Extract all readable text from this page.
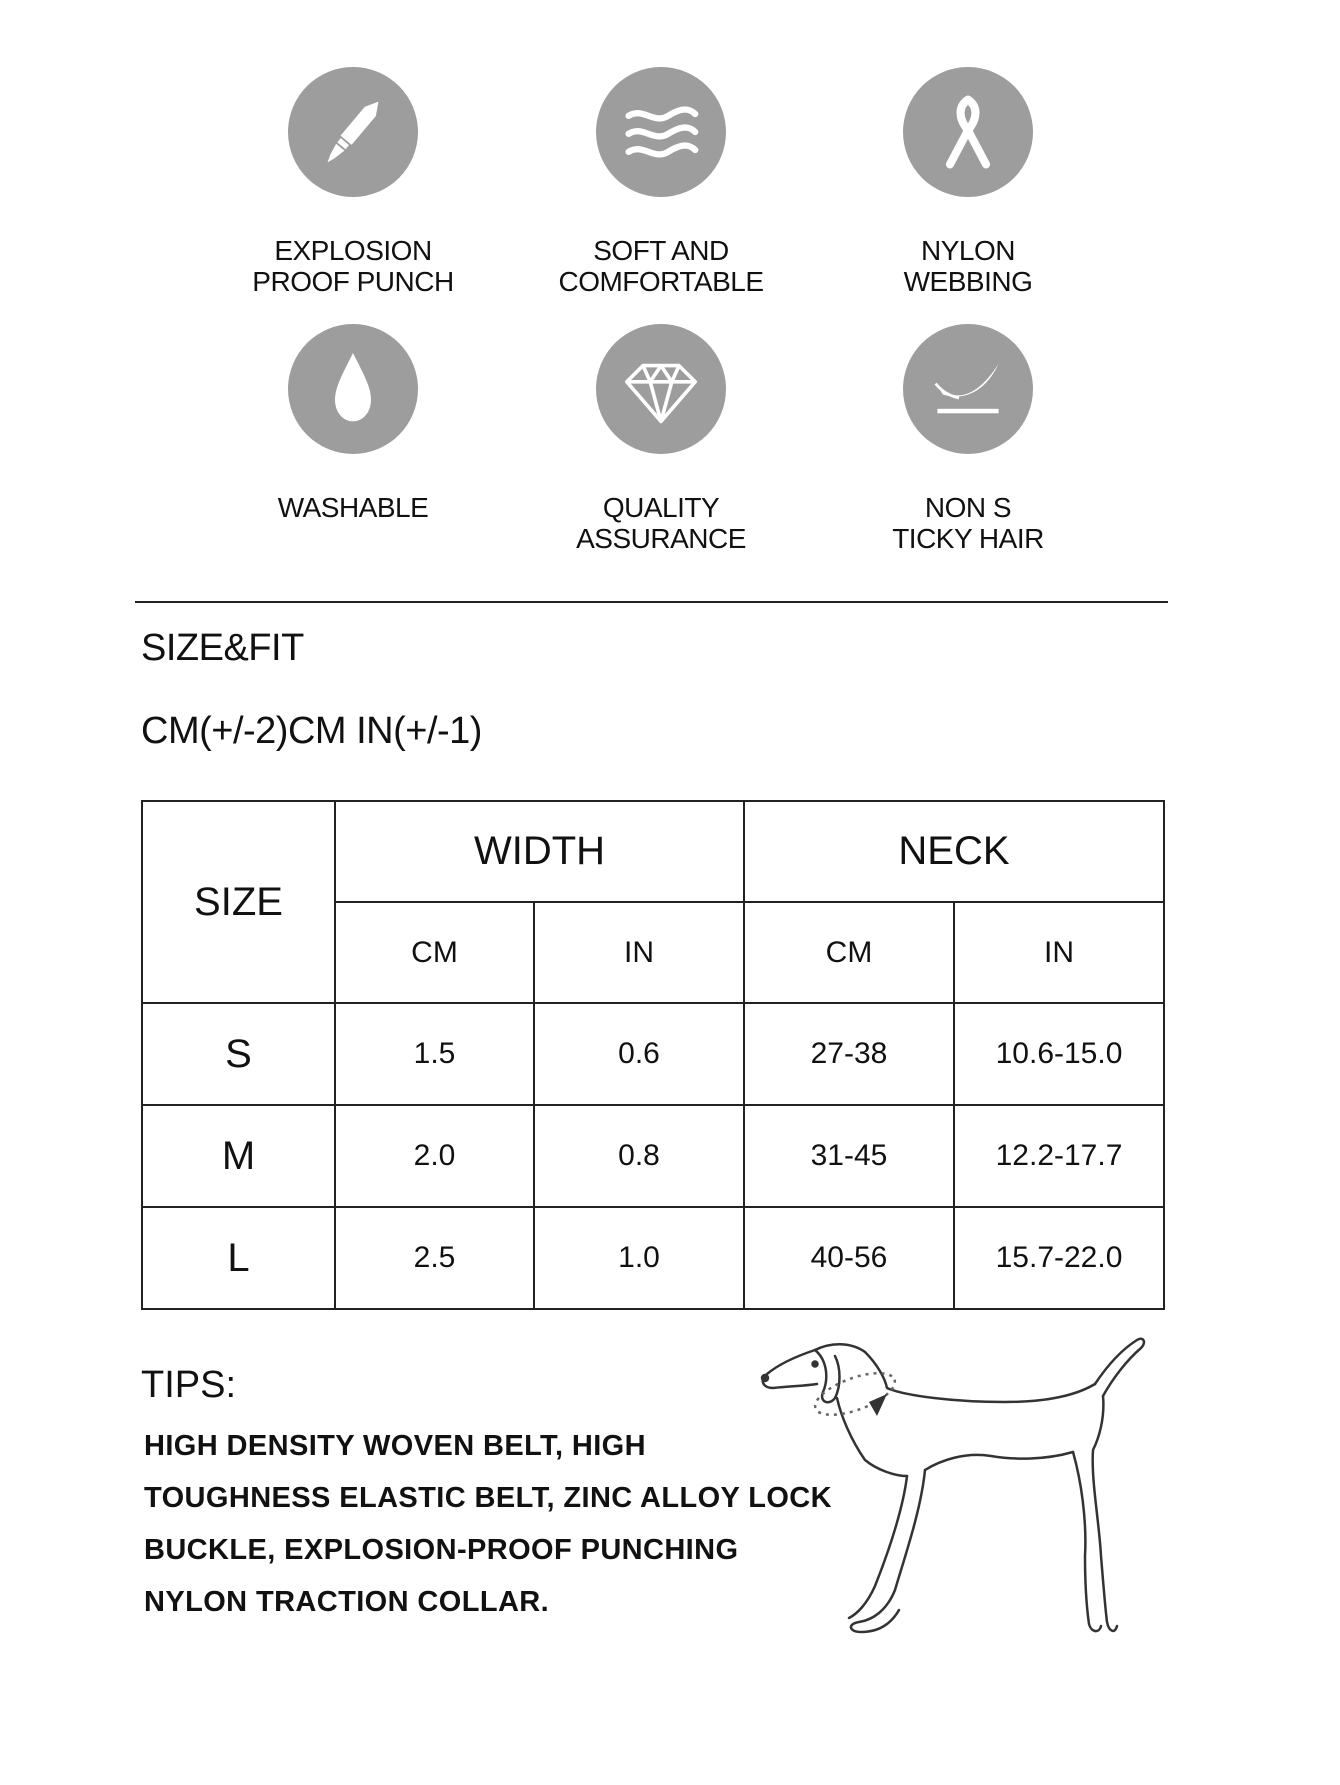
EXPLOSION
PROOF PUNCH
SOFT AND
COMFORTABLE
NYLON
WEBBING
WASHABLE	QUALITY
ASSURANCE
NON S
TICKY HAIR
SIZE&FIT
CM(+/-2)CM IN(+/-1)
SIZE	WIDTH		NECK	
	CM	IN	CM	IN
S	1.5	0.6	27-38	10.6-15.0
M	2.0	0.8	31-45	12.2-17.7
L	2.5	1.0	40-56	15.7-22.0
TIPS:
HIGH DENSITY WOVEN BELT, HIGH
TOUGHNESS ELASTIC BELT, ZINC ALLOY LOCK
BUCKLE, EXPLOSION-PROOF PUNCHING
NYLON TRACTION COLLAR.
